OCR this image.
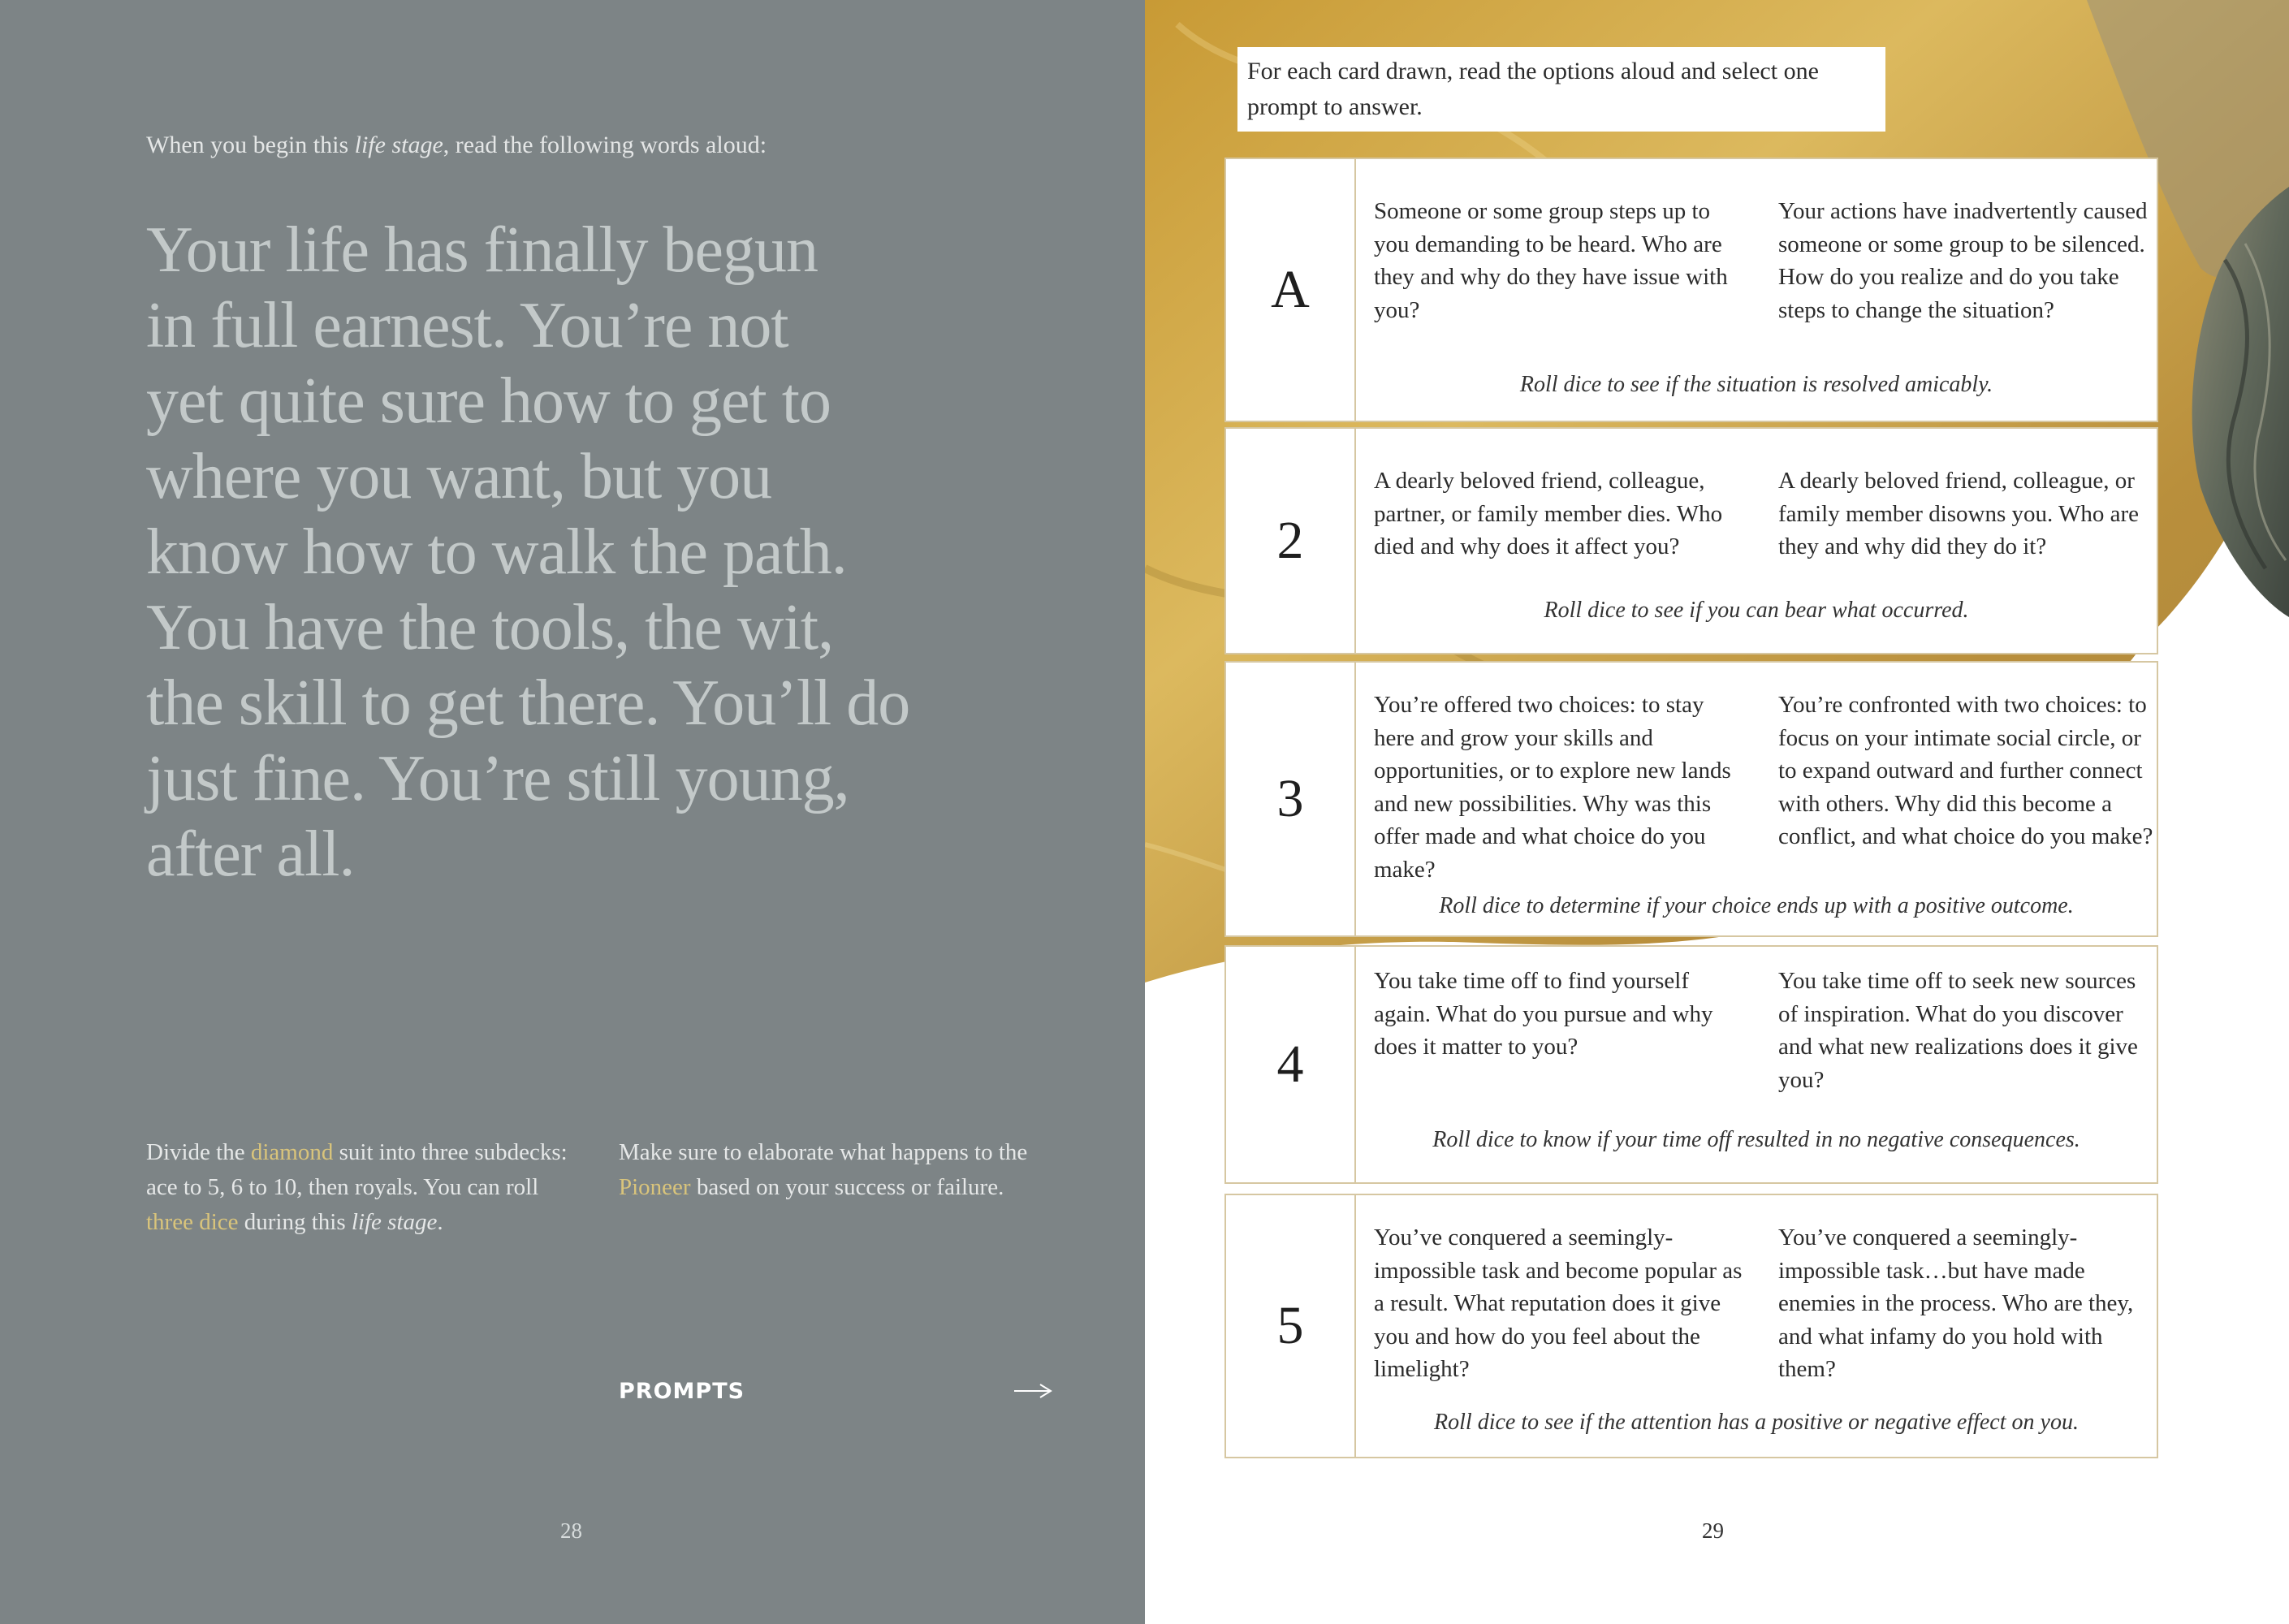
When you begin this life stage, read the following words aloud:

Your life has finally begun
in full earnest. You’re not
yet quite sure how to get to
where you want, but you
know how to walk the path.
You have the tools, the wit,
the skill to get there. You’ll do
just fine. You’re still young,
after all.

Divide the diamond suit into three subdecks: ace to 5, 6 to 10, then royals. You can roll three dice during this life stage.

Make sure to elaborate what happens to the Pioneer based on your success or failure.

PROMPTS
28
For each card drawn, read the options aloud and select one prompt to answer.
A

Someone or some group steps up to you demanding to be heard. Who are they and why do they have issue with you?

Your actions have inadvertently caused someone or some group to be silenced. How do you realize and do you take steps to change the situation?

Roll dice to see if the situation is resolved amicably.
2

A dearly beloved friend, colleague, partner, or family member dies. Who died and why does it affect you?

A dearly beloved friend, colleague, or family member disowns you. Who are they and why did they do it?

Roll dice to see if you can bear what occurred.
3

You’re offered two choices: to stay here and grow your skills and opportunities, or to explore new lands and new possibilities. Why was this offer made and what choice do you make?

You’re confronted with two choices: to focus on your intimate social circle, or to expand outward and further connect with others. Why did this become a conflict, and what choice do you make?

Roll dice to determine if your choice ends up with a positive outcome.
4

You take time off to find yourself again. What do you pursue and why does it matter to you?

You take time off to seek new sources of inspiration. What do you discover and what new realizations does it give you?

Roll dice to know if your time off resulted in no negative consequences.
5

You’ve conquered a seemingly-impossible task and become popular as a result. What reputation does it give you and how do you feel about the limelight?

You’ve conquered a seemingly-impossible task…but have made enemies in the process. Who are they, and what infamy do you hold with them?

Roll dice to see if the attention has a positive or negative effect on you.
29
